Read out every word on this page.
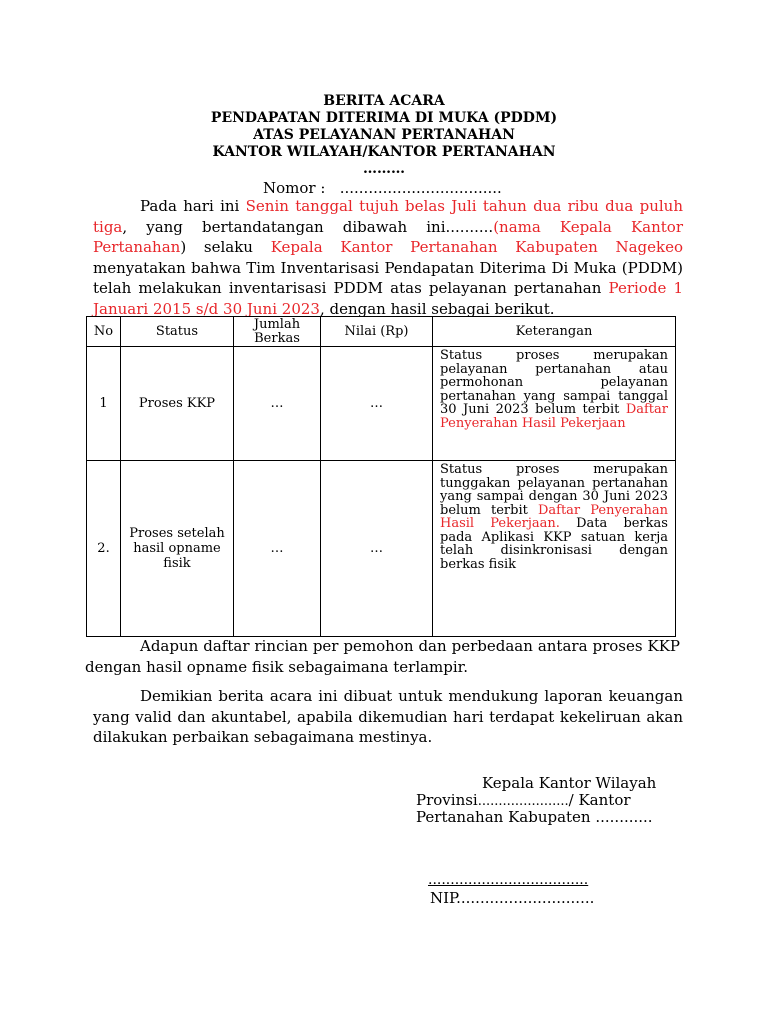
BERITA ACARA
PENDAPATAN DITERIMA DI MUKA (PDDM)
ATAS PELAYANAN PERTANAHAN
KANTOR WILAYAH/KANTOR PERTANAHAN
………
Nomor :   ..................................
Pada hari ini Senin tanggal tujuh belas Juli tahun dua ribu dua puluh tiga, yang bertandatangan dibawah ini..........(nama Kepala Kantor Pertanahan) selaku Kepala Kantor Pertanahan Kabupaten Nagekeo menyatakan bahwa Tim Inventarisasi Pendapatan Diterima Di Muka (PDDM) telah melakukan inventarisasi PDDM atas pelayanan pertanahan Periode 1 Januari 2015 s/d 30 Juni 2023, dengan hasil sebagai berikut.
No	Status	Jumlah Berkas	Nilai (Rp)	Keterangan
1	Proses KKP	…	…	Status proses merupakan pelayanan pertanahan atau permohonan pelayanan pertanahan yang sampai tanggal 30 Juni 2023 belum terbit Daftar Penyerahan Hasil Pekerjaan
2.	Proses setelah hasil opname fisik	…	…	Status proses merupakan tunggakan pelayanan pertanahan yang sampai dengan 30 Juni 2023 belum terbit Daftar Penyerahan Hasil Pekerjaan. Data berkas pada Aplikasi KKP satuan kerja telah disinkronisasi dengan berkas fisik
Adapun daftar rincian per pemohon dan perbedaan antara proses KKP dengan hasil opname fisik sebagaimana terlampir.
Demikian berita acara ini dibuat untuk mendukung laporan keuangan yang valid dan akuntabel, apabila dikemudian hari terdapat kekeliruan akan dilakukan perbaikan sebagaimana mestinya.
Kepala Kantor Wilayah
Provinsi....................../ Kantor
Pertanahan Kabupaten ............
....................................
NIP.............................
